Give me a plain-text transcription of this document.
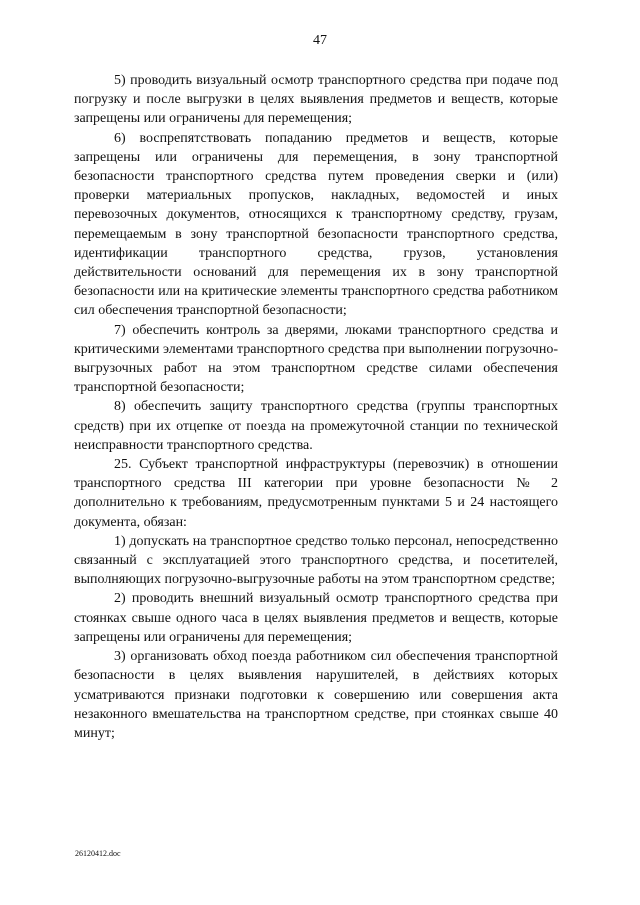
47

5) проводить визуальный осмотр транспортного средства при подаче под погрузку и после выгрузки в целях выявления предметов и веществ, которые запрещены или ограничены для перемещения;

6) воспрепятствовать попаданию предметов и веществ, которые запрещены или ограничены для перемещения, в зону транспортной безопасности транспортного средства путем проведения сверки и (или) проверки материальных пропусков, накладных, ведомостей и иных перевозочных документов, относящихся к транспортному средству, грузам, перемещаемым в зону транспортной безопасности транспортного средства, идентификации транспортного средства, грузов, установления действительности оснований для перемещения их в зону транспортной безопасности или на критические элементы транспортного средства работником сил обеспечения транспортной безопасности;

7) обеспечить контроль за дверями, люками транспортного средства и критическими элементами транспортного средства при выполнении погрузочно-выгрузочных работ на этом транспортном средстве силами обеспечения транспортной безопасности;

8) обеспечить защиту транспортного средства (группы транспортных средств) при их отцепке от поезда на промежуточной станции по технической неисправности транспортного средства.

25. Субъект транспортной инфраструктуры (перевозчик) в отношении транспортного средства III категории при уровне безопасности № 2 дополнительно к требованиям, предусмотренным пунктами 5 и 24 настоящего документа, обязан:

1) допускать на транспортное средство только персонал, непосредственно связанный с эксплуатацией этого транспортного средства, и посетителей, выполняющих погрузочно-выгрузочные работы на этом транспортном средстве;

2) проводить внешний визуальный осмотр транспортного средства при стоянках свыше одного часа в целях выявления предметов и веществ, которые запрещены или ограничены для перемещения;

3) организовать обход поезда работником сил обеспечения транспортной безопасности в целях выявления нарушителей, в действиях которых усматриваются признаки подготовки к совершению или совершения акта незаконного вмешательства на транспортном средстве, при стоянках свыше 40 минут;

26120412.doc
